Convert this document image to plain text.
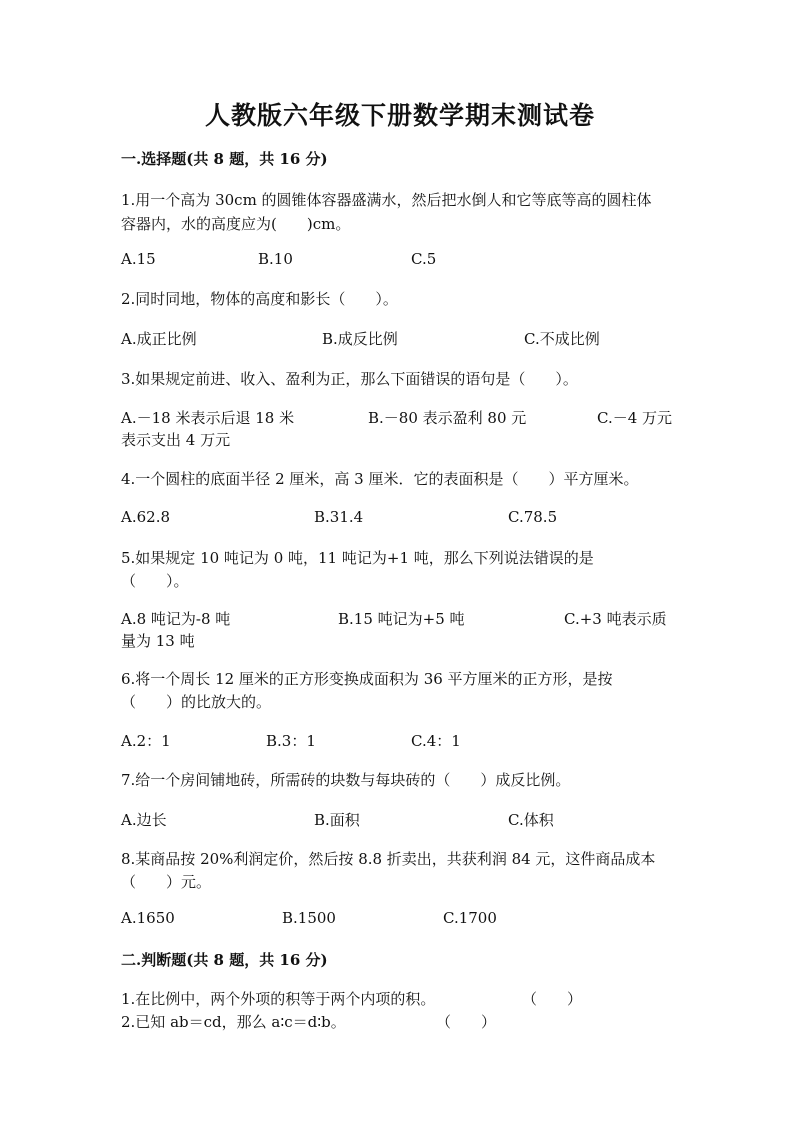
人教版六年级下册数学期末测试卷
一.选择题(共 8 题，共 16 分)
1.用一个高为 30cm 的圆锥体容器盛满水，然后把水倒人和它等底等高的圆柱体
容器内，水的高度应为(　　)cm。
A.15	B.10	C.5
2.同时同地，物体的高度和影长（　　）。
A.成正比例	B.成反比例	C.不成比例
3.如果规定前进、收入、盈利为正，那么下面错误的语句是（　　）。
A.－18 米表示后退 18 米	B.－80 表示盈利 80 元	C.－4 万元
表示支出 4 万元
4.一个圆柱的底面半径 2 厘米，高 3 厘米．它的表面积是（　　）平方厘米。
A.62.8	B.31.4	C.78.5
5.如果规定 10 吨记为 0 吨，11 吨记为+1 吨，那么下列说法错误的是
（　　）。
A.8 吨记为-8 吨	B.15 吨记为+5 吨	C.+3 吨表示质
量为 13 吨
6.将一个周长 12 厘米的正方形变换成面积为 36 平方厘米的正方形，是按
（　　）的比放大的。
A.2：1	B.3：1	C.4：1
7.给一个房间铺地砖，所需砖的块数与每块砖的（　　）成反比例。
A.边长	B.面积	C.体积
8.某商品按 20%利润定价，然后按 8.8 折卖出，共获利润 84 元，这件商品成本
（　　）元。
A.1650	B.1500	C.1700
二.判断题(共 8 题，共 16 分)
1.在比例中，两个外项的积等于两个内项的积。	（　　）
2.已知 ab＝cd，那么 a∶c＝d∶b。	（　　）
